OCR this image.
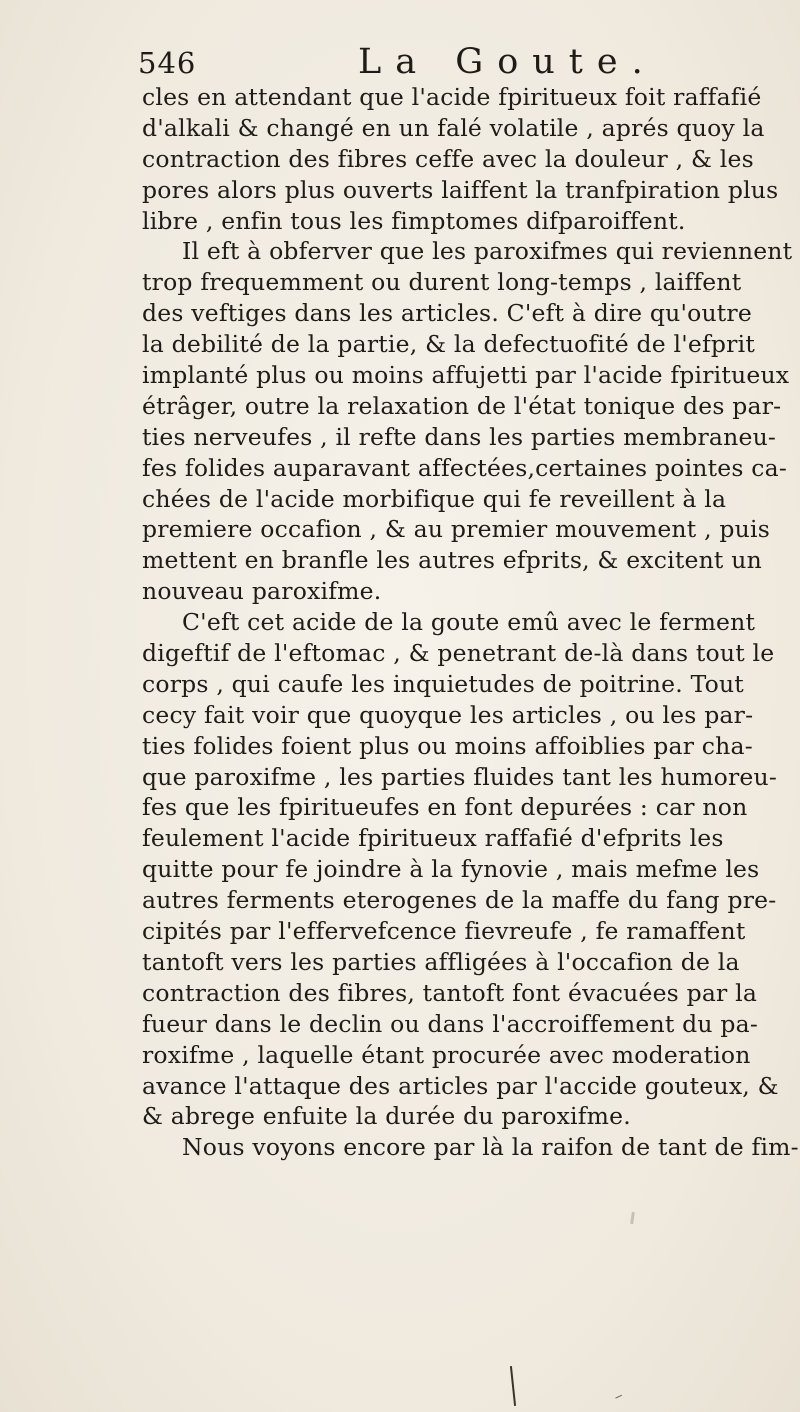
546	La Goute.
cles en attendant que l'acide fpiritueux foit raffafié
d'alkali & changé en un falé volatile , aprés quoy la
contraction des fibres ceffe avec la douleur , & les
pores alors plus ouverts laiffent la tranfpiration plus
libre , enfin tous les fimptomes difparoiffent.
Il eft à obferver que les paroxifmes qui reviennent
trop frequemment ou durent long-temps , laiffent
des veftiges dans les articles. C'eft à dire qu'outre
la debilité de la partie, & la defectuofité de l'efprit
implanté plus ou moins affujetti par l'acide fpiritueux
étrâger, outre la relaxation de l'état tonique des par-
ties nerveufes , il refte dans les parties membraneu-
fes folides auparavant affectées,certaines pointes ca-
chées de l'acide morbifique qui fe reveillent à la
premiere occafion , & au premier mouvement , puis
mettent en branfle les autres efprits, & excitent un
nouveau paroxifme.
C'eft cet acide de la goute emû avec le ferment
digeftif de l'eftomac , & penetrant de-là dans tout le
corps , qui caufe les inquietudes de poitrine. Tout
cecy fait voir que quoyque les articles , ou les par-
ties folides foient plus ou moins affoiblies par cha-
que paroxifme , les parties fluides tant les humoreu-
fes que les fpiritueufes en font depurées : car non
feulement l'acide fpiritueux raffafié d'efprits les
quitte pour fe joindre à la fynovie , mais mefme les
autres ferments eterogenes de la maffe du fang pre-
cipités par l'effervefcence fievreufe , fe ramaffent
tantoft vers les parties affligées à l'occafion de la
contraction des fibres, tantoft font évacuées par la
fueur dans le declin ou dans l'accroiffement du pa-
roxifme , laquelle étant procurée avec moderation
avance l'attaque des articles par l'accide gouteux, &
& abrege enfuite la durée du paroxifme.
Nous voyons encore par là la raifon de tant de fim-
